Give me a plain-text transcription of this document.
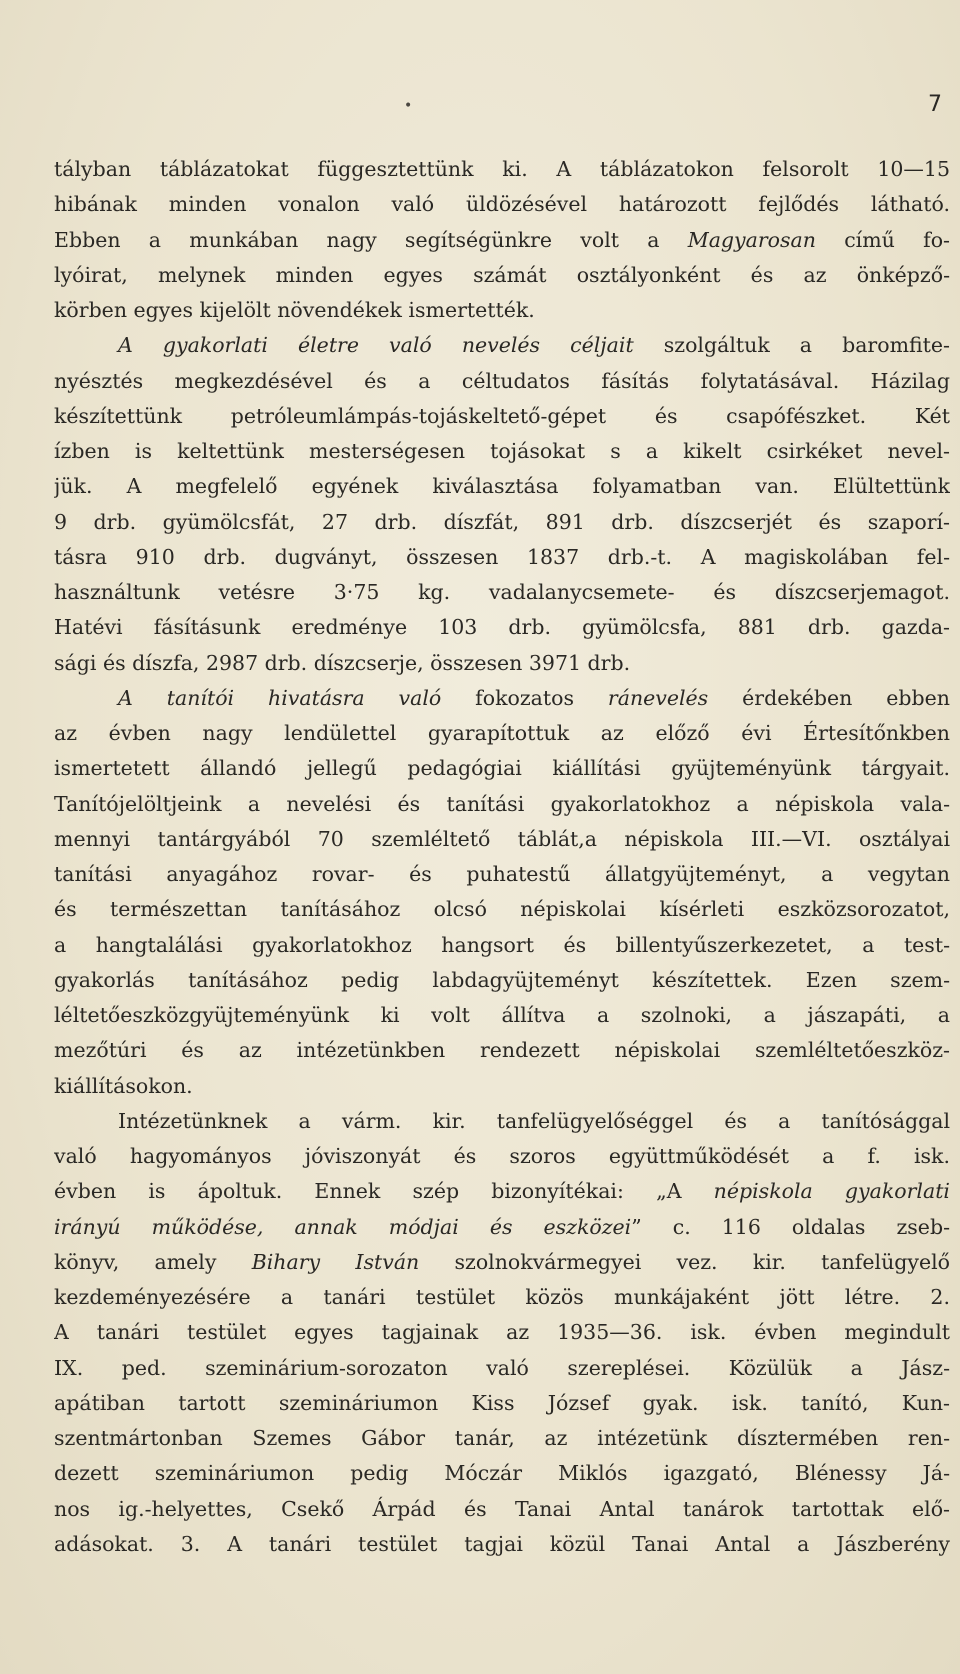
•	7
tályban táblázatokat függesztettünk ki. A táblázatokon felsorolt 10—15
hibának minden vonalon való üldözésével határozott fejlődés látható.
Ebben a munkában nagy segítségünkre volt a Magyarosan című fo-
lyóirat, melynek minden egyes számát osztályonként és az önképző-
körben egyes kijelölt növendékek ismertették.
A gyakorlati életre való nevelés céljait szolgáltuk a baromfite-
nyésztés megkezdésével és a céltudatos fásítás folytatásával. Házilag
készítettünk petróleumlámpás-tojáskeltető-gépet és csapófészket. Két
ízben is keltettünk mesterségesen tojásokat s a kikelt csirkéket nevel-
jük. A megfelelő egyének kiválasztása folyamatban van. Elültettünk
9 drb. gyümölcsfát, 27 drb. díszfát, 891 drb. díszcserjét és szaporí-
tásra 910 drb. dugványt, összesen 1837 drb.-t. A magiskolában fel-
használtunk vetésre 3·75 kg. vadalanycsemete- és díszcserjemagot.
Hatévi fásításunk eredménye 103 drb. gyümölcsfa, 881 drb. gazda-
sági és díszfa, 2987 drb. díszcserje, összesen 3971 drb.
A tanítói hivatásra való fokozatos ránevelés érdekében ebben
az évben nagy lendülettel gyarapítottuk az előző évi Értesítőnkben
ismertetett állandó jellegű pedagógiai kiállítási gyüjteményünk tárgyait.
Tanítójelöltjeink a nevelési és tanítási gyakorlatokhoz a népiskola vala-
mennyi tantárgyából 70 szemléltető táblát,a népiskola III.—VI. osztályai
tanítási anyagához rovar- és puhatestű állatgyüjteményt, a vegytan
és természettan tanításához olcsó népiskolai kísérleti eszközsorozatot,
a hangtalálási gyakorlatokhoz hangsort és billentyűszerkezetet, a test-
gyakorlás tanításához pedig labdagyüjteményt készítettek. Ezen szem-
léltetőeszközgyüjteményünk ki volt állítva a szolnoki, a jászapáti, a
mezőtúri és az intézetünkben rendezett népiskolai szemléltetőeszköz-
kiállításokon.
Intézetünknek a várm. kir. tanfelügyelőséggel és a tanítósággal
való hagyományos jóviszonyát és szoros együttműködését a f. isk.
évben is ápoltuk. Ennek szép bizonyítékai: „A népiskola gyakorlati
irányú működése, annak módjai és eszközei” c. 116 oldalas zseb-
könyv, amely Bihary István szolnokvármegyei vez. kir. tanfelügyelő
kezdeményezésére a tanári testület közös munkájaként jött létre. 2.
A tanári testület egyes tagjainak az 1935—36. isk. évben megindult
IX. ped. szeminárium-sorozaton való szereplései. Közülük a Jász-
apátiban tartott szemináriumon Kiss József gyak. isk. tanító, Kun-
szentmártonban Szemes Gábor tanár, az intézetünk dísztermében ren-
dezett szemináriumon pedig Móczár Miklós igazgató, Blénessy Já-
nos ig.-helyettes, Csekő Árpád és Tanai Antal tanárok tartottak elő-
adásokat. 3. A tanári testület tagjai közül Tanai Antal a Jászberény
